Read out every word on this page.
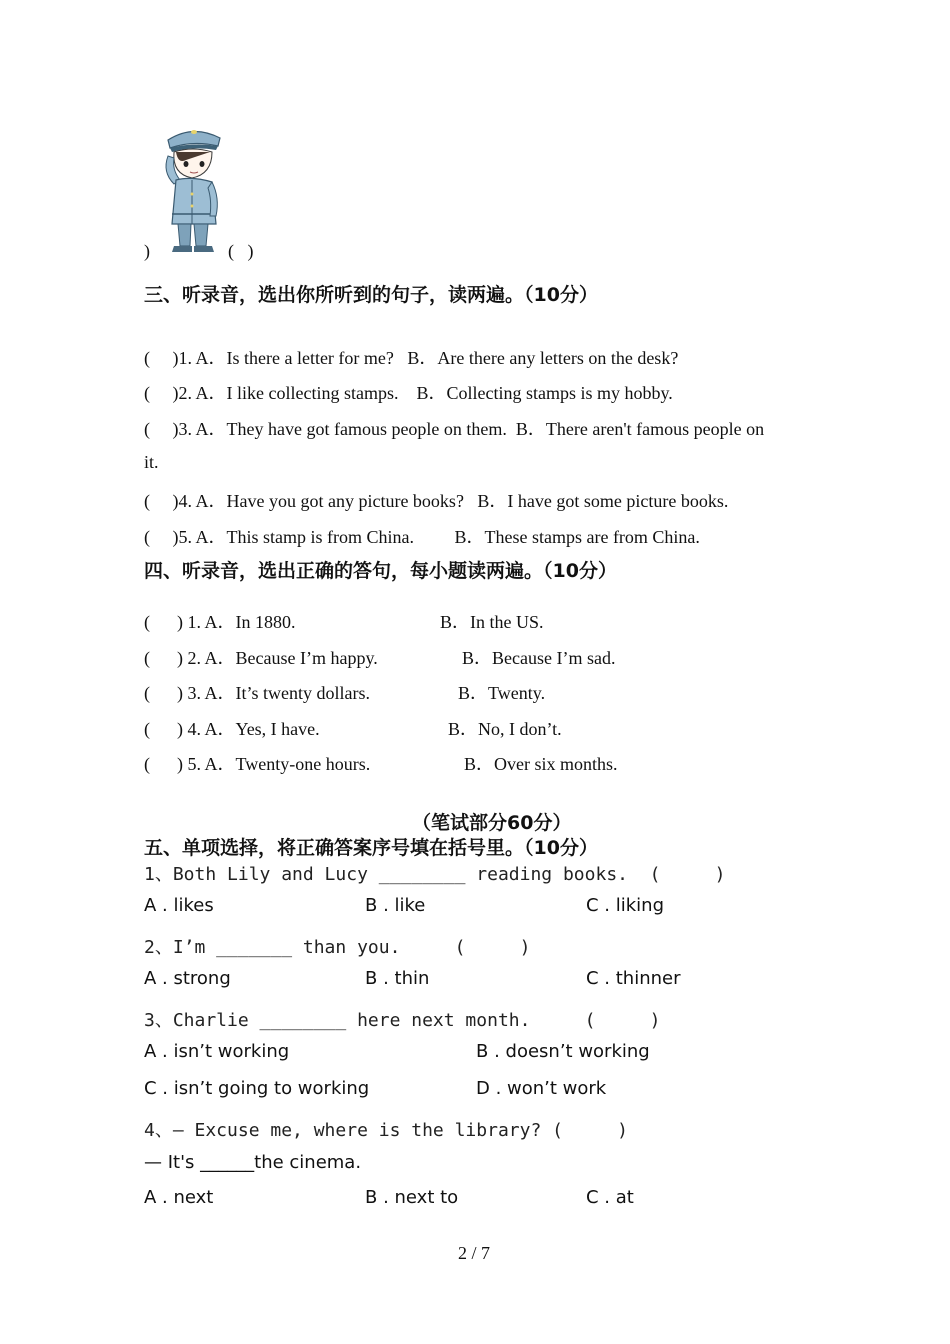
)	(   )
三、听录音，选出你所听到的句子，读两遍。（10分）
(     )1. A．Is there a letter for me?   B．Are there any letters on the desk?
(     )2. A．I like collecting stamps.    B．Collecting stamps is my hobby.
(     )3. A．They have got famous people on them.  B．There aren't famous people on
it.
(     )4. A．Have you got any picture books?   B．I have got some picture books.
(     )5. A．This stamp is from China.         B．These stamps are from China.
四、听录音，选出正确的答句，每小题读两遍。（10分）
(      ) 1. A．In 1880.	B．In the US.
(      ) 2. A．Because I’m happy.	B．Because I’m sad.
(      ) 3. A．It’s twenty dollars.	B．Twenty.
(      ) 4. A．Yes, I have.	B．No, I don’t.
(      ) 5. A．Twenty-one hours.	B．Over six months.
（笔试部分60分）
五、单项选择，将正确答案序号填在括号里。（10分）
1、Both Lily and Lucy ________ reading books.  (     )
A . likes	B . like	C . liking
2、I’m _______ than you.     (     )
A . strong	B . thin	C . thinner
3、Charlie ________ here next month.     (     )
A . isn’t working	B . doesn’t working
C . isn’t going to working	D . won’t work
4、— Excuse me, where is the library? (     )
— It's ______the cinema.
A . next	B . next to	C . at
2 / 7
